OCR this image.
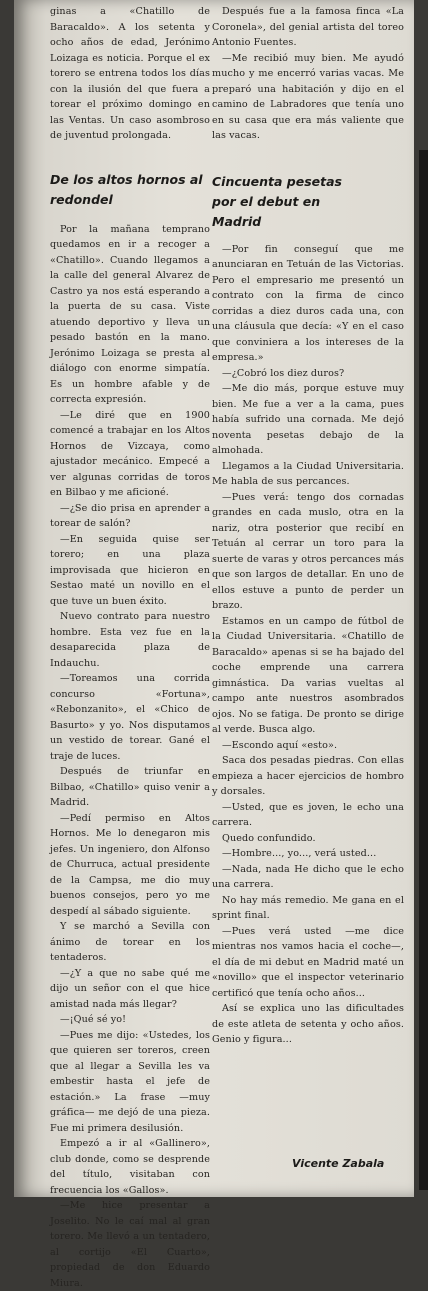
ginas a «Chatillo de Baracaldo». A los setenta y ocho años de edad, Jerónimo Loizaga es noticia. Porque el ex torero se entrena todos los días con la ilusión del que fuera a torear el próximo domingo en las Ventas. Un caso asombroso de juventud prolongada.

De los altos hornos al redondel

Por la mañana temprano quedamos en ir a recoger a «Chatillo». Cuando llegamos a la calle del general Alvarez de Castro ya nos está esperando a la puerta de su casa. Viste atuendo deportivo y lleva un pesado bastón en la mano. Jerónimo Loizaga se presta al diálogo con enorme simpatía. Es un hombre afable y de correcta expresión.

—Le diré que en 1900 comencé a trabajar en los Altos Hornos de Vizcaya, como ajustador mecánico. Empecé a ver algunas corridas de toros en Bilbao y me aficioné.

—¿Se dio prisa en aprender a torear de salón?

—En seguida quise ser torero; en una plaza improvisada que hicieron en Sestao maté un novillo en el que tuve un buen éxito.

Nuevo contrato para nuestro hombre. Esta vez fue en la desaparecida plaza de Indauchu.

—Toreamos una corrida concurso «Fortuna», «Rebonzanito», el «Chico de Basurto» y yo. Nos disputamos un vestido de torear. Gané el traje de luces.

Después de triunfar en Bilbao, «Chatillo» quiso venir a Madrid.

—Pedí permiso en Altos Hornos. Me lo denegaron mis jefes. Un ingeniero, don Alfonso de Churruca, actual presidente de la Campsa, me dio muy buenos consejos, pero yo me despedí al sábado siguiente.

Y se marchó a Sevilla con ánimo de torear en los tentaderos.

—¿Y a que no sabe qué me dijo un señor con el que hice amistad nada más llegar?

—¡Qué sé yo!

—Pues me dijo: «Ustedes, los que quieren ser toreros, creen que al llegar a Sevilla les va embestir hasta el jefe de estación.» La frase —muy gráfica— me dejó de una pieza. Fue mi primera desilusión.

Empezó a ir al «Gallinero», club donde, como se desprende del título, visitaban con frecuencia los «Gallos».

—Me hice presentar a Joselito. No le caí mal al gran torero. Me llevó a un tentadero, al cortijo «El Cuarto», propiedad de don Eduardo Miura.

Después fue a la famosa finca «La Coronela», del genial artista del toreo Antonio Fuentes.

—Me recibió muy bien. Me ayudó mucho y me encerró varias vacas. Me preparó una habitación y dijo en el camino de Labradores que tenía uno en su casa que era más valiente que las vacas.

Cincuenta pesetas por el debut en Madrid

—Por fin conseguí que me anunciaran en Tetuán de las Victorias. Pero el empresario me presentó un contrato con la firma de cinco corridas a diez duros cada una, con una cláusula que decía: «Y en el caso que conviniera a los intereses de la empresa.»

—¿Cobró los diez duros?

—Me dio más, porque estuve muy bien. Me fue a ver a la cama, pues había sufrido una cornada. Me dejó noventa pesetas debajo de la almohada.

Llegamos a la Ciudad Universitaria. Me habla de sus percances.

—Pues verá: tengo dos cornadas grandes en cada muslo, otra en la nariz, otra posterior que recibí en Tetuán al cerrar un toro para la suerte de varas y otros percances más que son largos de detallar. En uno de ellos estuve a punto de perder un brazo.

Estamos en un campo de fútbol de la Ciudad Universitaria. «Chatillo de Baracaldo» apenas si se ha bajado del coche emprende una carrera gimnástica. Da varias vueltas al campo ante nuestros asombrados ojos. No se fatiga. De pronto se dirige al verde. Busca algo.

—Escondo aquí «esto».

Saca dos pesadas piedras. Con ellas empieza a hacer ejercicios de hombro y dorsales.

—Usted, que es joven, le echo una carrera.

Quedo confundido.

—Hombre..., yo..., verá usted...

—Nada, nada He dicho que le echo una carrera.

No hay más remedio. Me gana en el sprint final.

—Pues verá usted —me dice mientras nos vamos hacia el coche—, el día de mi debut en Madrid maté un «novillo» que el inspector veterinario certificó que tenía ocho años...

Así se explica uno las dificultades de este atleta de setenta y ocho años. Genio y figura...

Vicente Zabala
